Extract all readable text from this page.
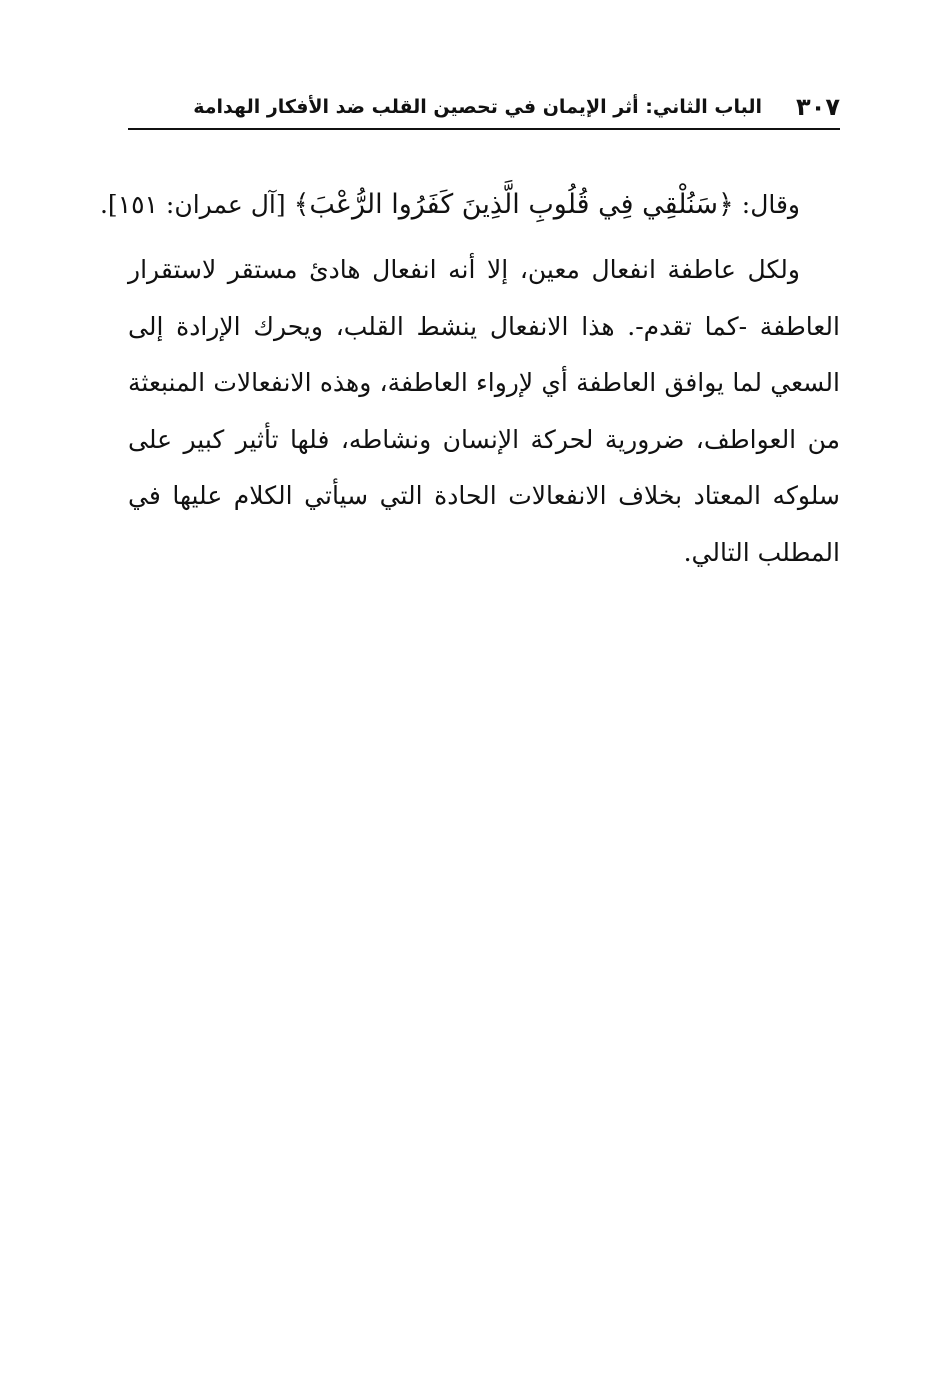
٣٠٧
الباب الثاني: أثر الإيمان في تحصين القلب ضد الأفكار الهدامة

وقال: ﴿سَنُلْقِي فِي قُلُوبِ الَّذِينَ كَفَرُوا الرُّعْبَ﴾ [آل عمران: ١٥١].

ولكل عاطفة انفعال معين، إلا أنه انفعال هادئ مستقر لاستقرار العاطفة -كما تقدم-. هذا الانفعال ينشط القلب، ويحرك الإرادة إلى السعي لما يوافق العاطفة أي لإرواء العاطفة، وهذه الانفعالات المنبعثة من العواطف، ضرورية لحركة الإنسان ونشاطه، فلها تأثير كبير على سلوكه المعتاد بخلاف الانفعالات الحادة التي سيأتي الكلام عليها في المطلب التالي.
